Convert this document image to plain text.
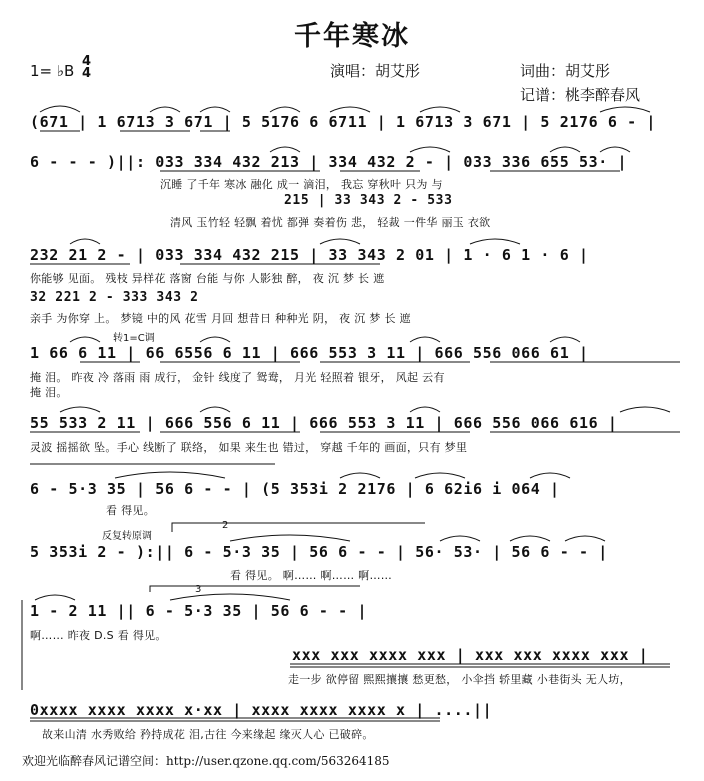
千年寒冰
1= ♭B
4
4	演唱：胡艾彤	词曲：胡艾彤
记谱：桃李醉春风
(671 | 1 6713 3 671 | 5 5176 6 6711 | 1 6713 3 671 | 5 2176 6 - |
6 - - - )||: 033 334 432 213 | 334 432 2 - | 033 336 655 53· |
沉睡 了千年 寒冰 融化 成一 滴泪， 我忘 穿秋叶 只为 与
215 | 33 343 2 - 533
清风 玉竹轻 轻飘 着忧 都弹 奏着伤 悲， 轻裁 一件华 丽玉 衣欲
232 21 2 - | 033 334 432 215 | 33 343 2 01 | 1 · 6 1 · 6 |
你能够 见面。 残枝 异样花 落窗 台能 与你 人影独 醉， 夜 沉 梦 长 遮
32 221 2 - 333 343 2
亲手 为你穿 上。 梦镜 中的风 花雪 月回 想昔日 种种光 阴， 夜 沉 梦 长 遮
转1=C调
1 66 6 11 | 66 6556 6 11 | 666 553 3 11 | 666 556 066 61 |
掩 泪。 昨夜 冷 落雨 雨 成行， 金针 线度了 鸳鸯， 月光 轻照着 银牙， 风起 云有
掩 泪。
55 533 2 11 | 666 556 6 11 | 666 553 3 11 | 666 556 066 616 |
灵波 摇摇欲 坠。手心 线断了 联络， 如果 来生也 错过， 穿越 千年的 画面，只有 梦里
6 - 5·3 35 | 56 6 - - | (5 353i 2 2176 | 6 62i6 i 064 |
看 得见。
反复转原调
2
5 353i 2 - ):|| 6 - 5·3 35 | 56 6 - - | 56· 53· | 56 6 - - |
看 得见。 啊…… 啊…… 啊……
3
1 - 2 11 || 6 - 5·3 35 | 56 6 - - |
啊…… 昨夜 D.S 看 得见。
xxx xxx xxxx xxx | xxx xxx xxxx xxx |
走一步 欲停留 熙熙攘攘 愁更愁， 小伞挡 轿里藏 小巷街头 无人坊，
0xxxx xxxx xxxx x·xx | xxxx xxxx xxxx x | ....||
故来山清 水秀败给 矜持成花 泪,古往 今来缘起 缘灭人心 已破碎。
欢迎光临醉春风记谱空间：http://user.qzone.qq.com/563264185
